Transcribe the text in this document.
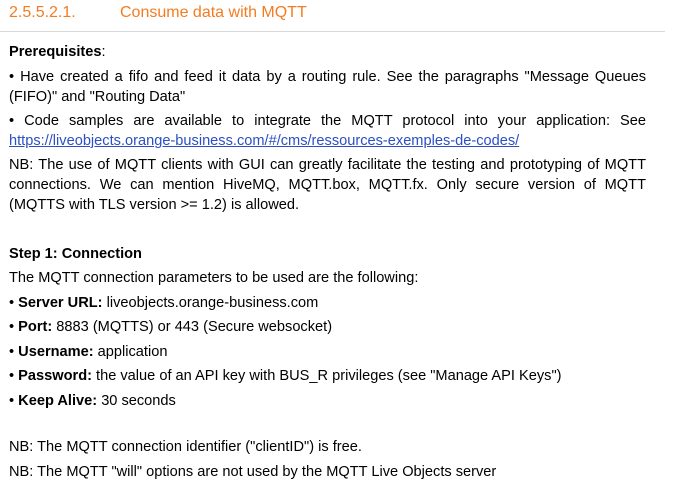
2.5.5.2.1.	Consume data with MQTT
Prerequisites:
• Have created a fifo and feed it data by a routing rule. See the paragraphs "Message Queues (FIFO)" and "Routing Data"
• Code samples are available to integrate the MQTT protocol into your application: See https://liveobjects.orange-business.com/#/cms/ressources-exemples-de-codes/
NB: The use of MQTT clients with GUI can greatly facilitate the testing and prototyping of MQTT connections. We can mention HiveMQ, MQTT.box, MQTT.fx. Only secure version of MQTT (MQTTS with TLS version >= 1.2) is allowed.
Step 1: Connection
The MQTT connection parameters to be used are the following:
• Server URL: liveobjects.orange-business.com
• Port: 8883 (MQTTS) or 443 (Secure websocket)
• Username: application
• Password: the value of an API key with BUS_R privileges (see "Manage API Keys")
• Keep Alive: 30 seconds
NB: The MQTT connection identifier ("clientID") is free.
NB: The MQTT "will" options are not used by the MQTT Live Objects server
